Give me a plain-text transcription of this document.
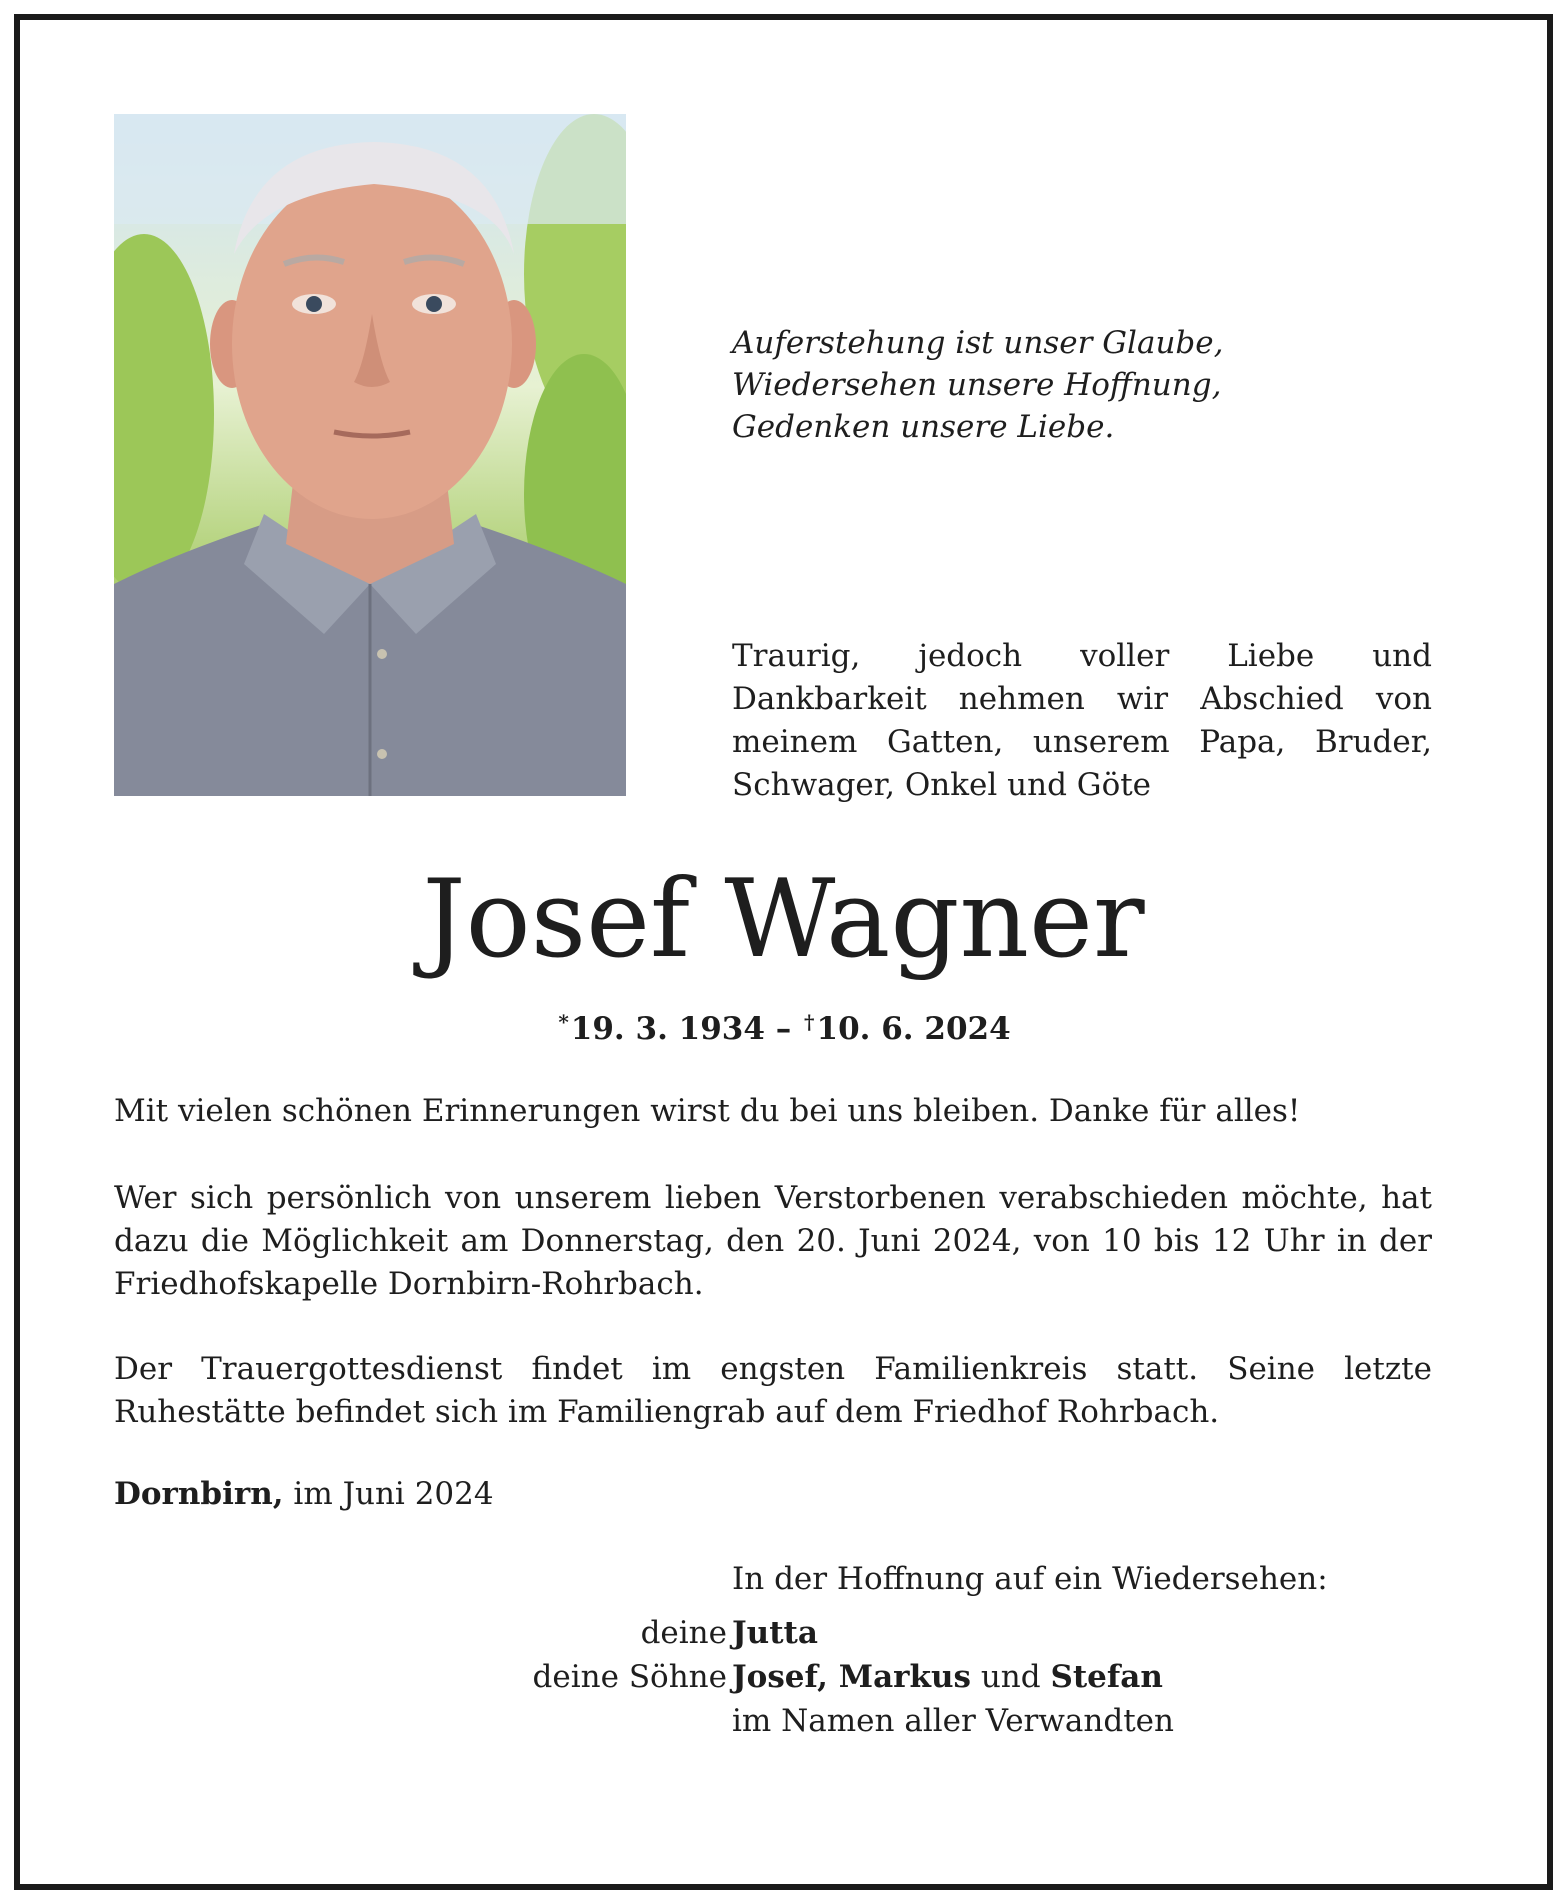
Auferstehung ist unser Glaube,
Wiedersehen unsere Hoffnung,
Gedenken unsere Liebe.
Traurig, jedoch voller Liebe und Dankbarkeit nehmen wir Abschied von meinem Gatten, unserem Papa, Bruder, Schwager, Onkel und Göte
Josef Wagner
*19. 3. 1934 – †10. 6. 2024
Mit vielen schönen Erinnerungen wirst du bei uns bleiben. Danke für alles!
Wer sich persönlich von unserem lieben Verstorbenen verabschieden möchte, hat dazu die Möglichkeit am Donnerstag, den 20. Juni 2024, von 10 bis 12 Uhr in der Friedhofskapelle Dornbirn-Rohrbach.
Der Trauergottesdienst findet im engsten Familienkreis statt. Seine letzte Ruhestätte befindet sich im Familiengrab auf dem Friedhof Rohrbach.
Dornbirn, im Juni 2024
In der Hoffnung auf ein Wiedersehen:
deine Jutta
deine Söhne Josef, Markus und Stefan
im Namen aller Verwandten
